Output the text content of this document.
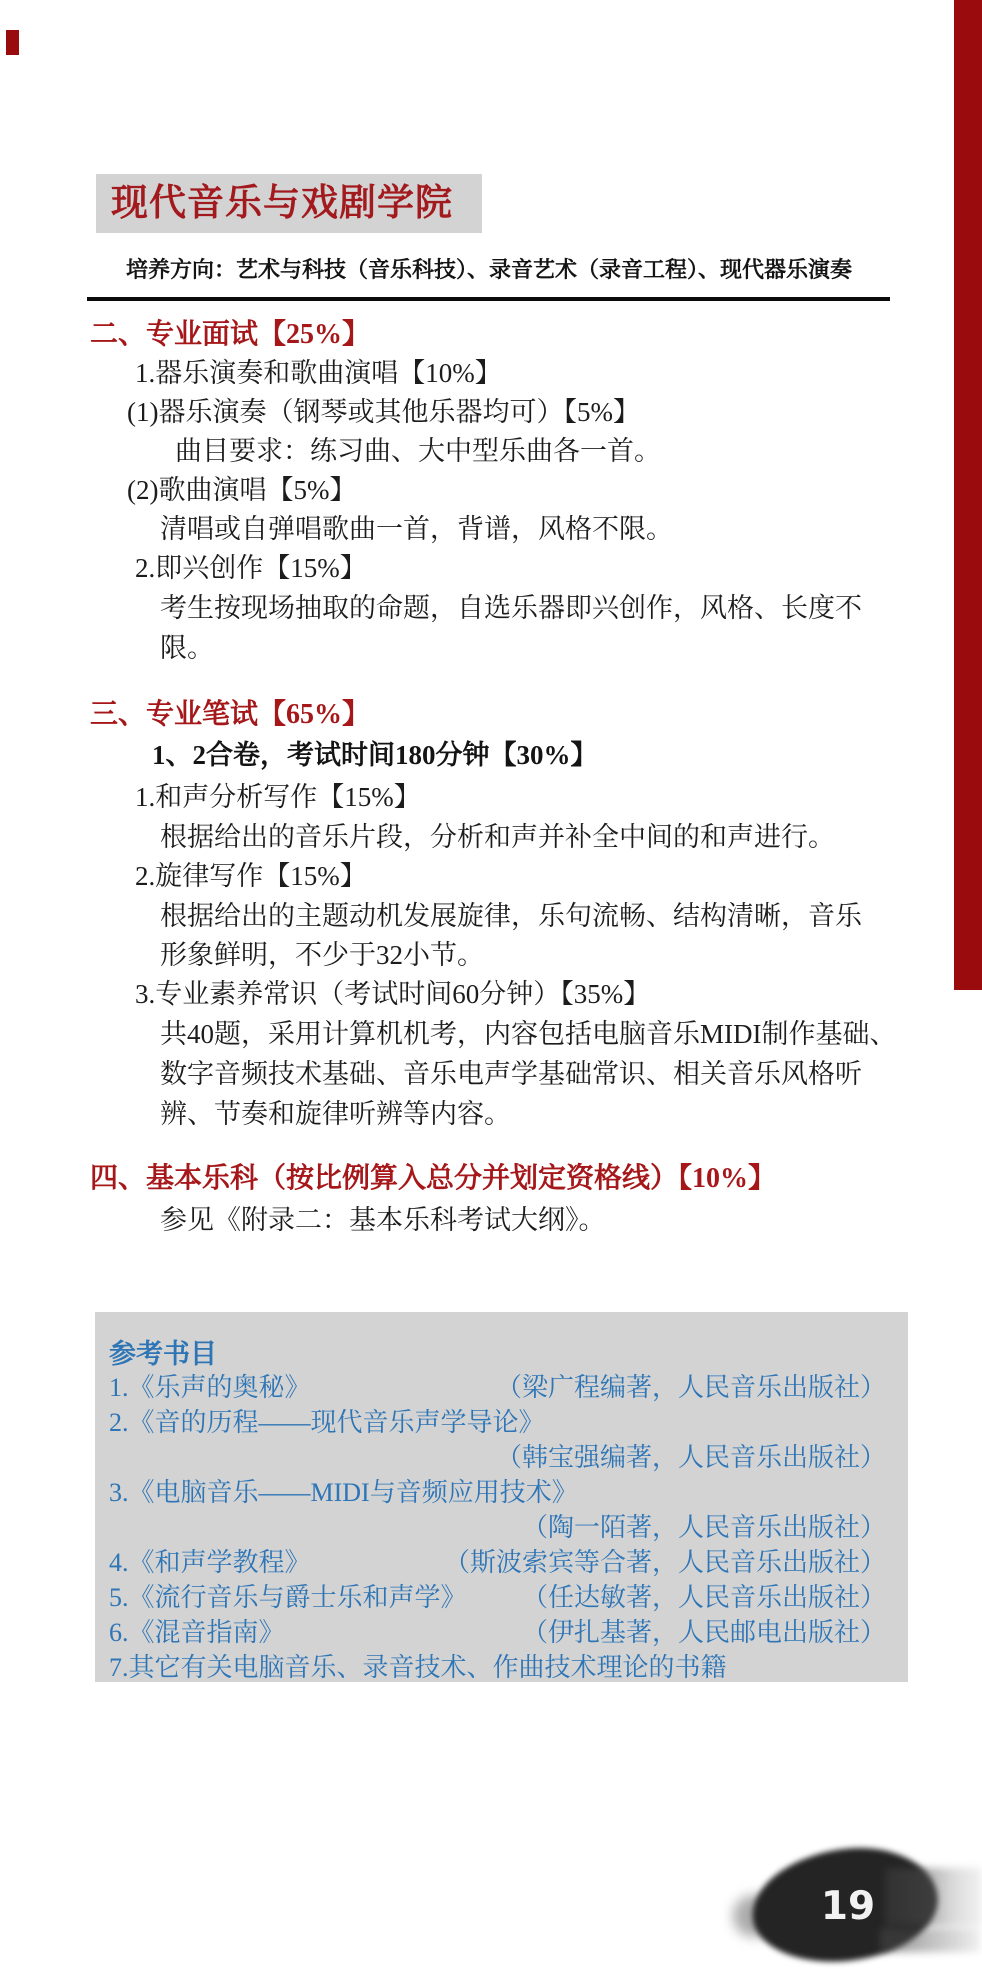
现代音乐与戏剧学院
培养方向：艺术与科技（音乐科技）、录音艺术（录音工程）、现代器乐演奏
二、专业面试【25%】
1.器乐演奏和歌曲演唱【10%】
(1)器乐演奏（钢琴或其他乐器均可）【5%】
曲目要求：练习曲、大中型乐曲各一首。
(2)歌曲演唱【5%】
清唱或自弹唱歌曲一首，背谱，风格不限。
2.即兴创作【15%】
考生按现场抽取的命题，自选乐器即兴创作，风格、长度不
限。
三、专业笔试【65%】
1、2合卷，考试时间180分钟【30%】
1.和声分析写作【15%】
根据给出的音乐片段，分析和声并补全中间的和声进行。
2.旋律写作【15%】
根据给出的主题动机发展旋律，乐句流畅、结构清晰，音乐
形象鲜明，不少于32小节。
3.专业素养常识（考试时间60分钟）【35%】
共40题，采用计算机机考，内容包括电脑音乐MIDI制作基础、
数字音频技术基础、音乐电声学基础常识、相关音乐风格听
辨、节奏和旋律听辨等内容。
四、基本乐科（按比例算入总分并划定资格线）【10%】
参见《附录二：基本乐科考试大纲》。
参考书目
1.《乐声的奥秘》	（梁广程编著，人民音乐出版社）
2.《音的历程——现代音乐声学导论》
（韩宝强编著，人民音乐出版社）
3.《电脑音乐——MIDI与音频应用技术》
（陶一陌著，人民音乐出版社）
4.《和声学教程》	（斯波索宾等合著，人民音乐出版社）
5.《流行音乐与爵士乐和声学》 （任达敏著，人民音乐出版社）
6.《混音指南》	（伊扎基著，人民邮电出版社）
7.其它有关电脑音乐、录音技术、作曲技术理论的书籍
19
